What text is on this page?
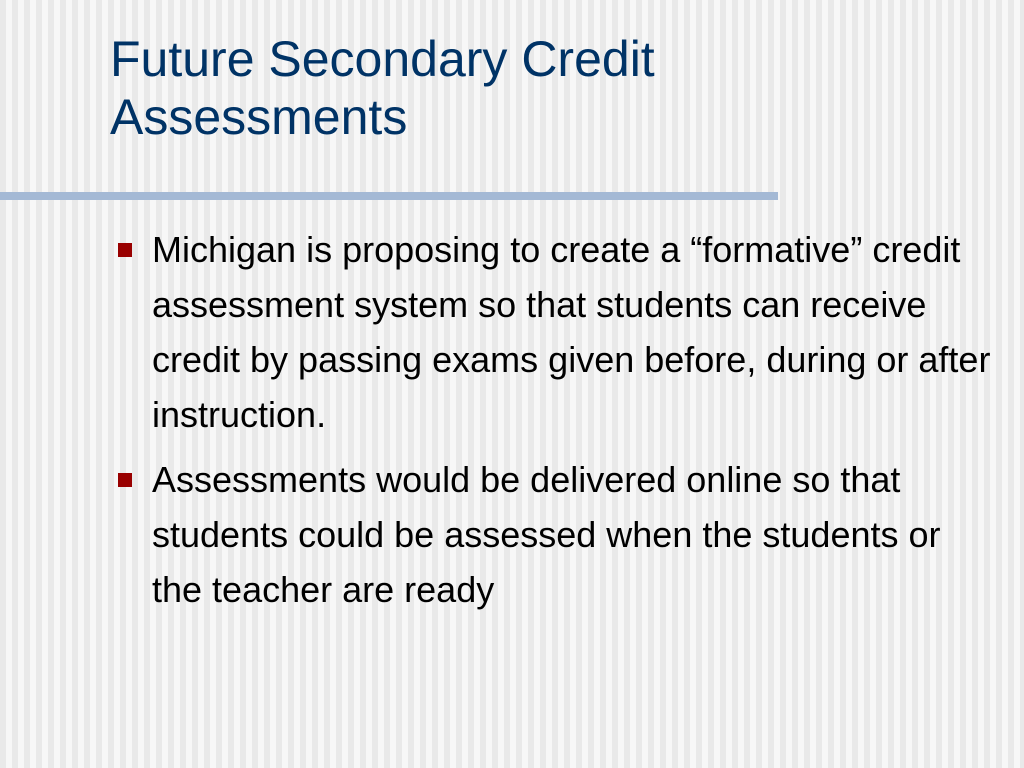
Future Secondary Credit Assessments
Michigan is proposing to create a “formative” credit assessment system so that students can receive credit by passing exams given before, during or after instruction.
Assessments would be delivered online so that students could be assessed when the students or the teacher are ready
